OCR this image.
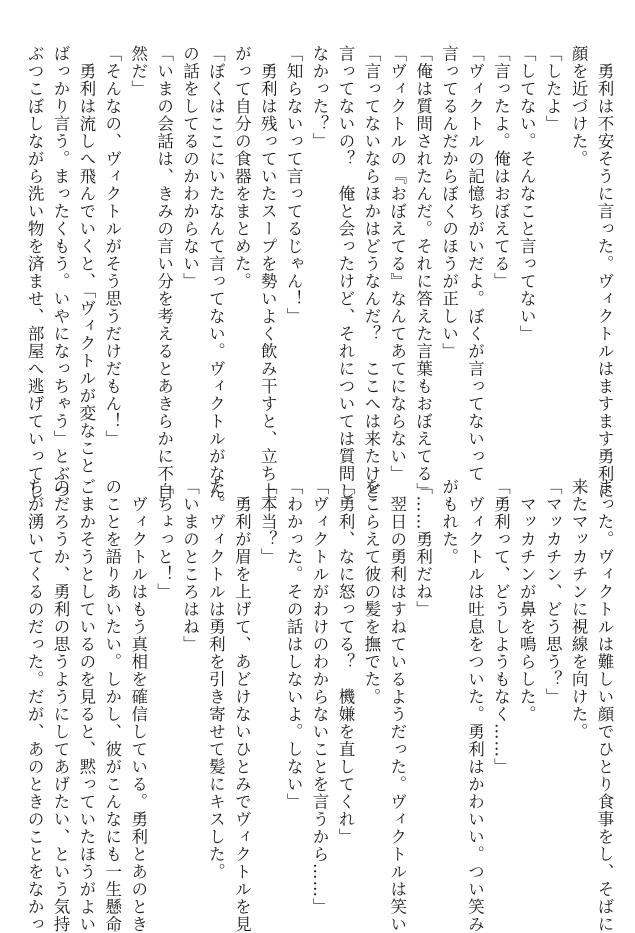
　勇利は不安そうに言った。ヴィクトルはますます勇利に
顔を近づけた。
「したよ」
「してない。そんなこと言ってない」
「言ったよ。俺はおぼえてる」
「ヴィクトルの記憶ちがいだよ。ぼくが言ってないって
言ってるんだからぼくのほうが正しい」
「俺は質問されたんだ。それに答えた言葉もおぼえてる」
「ヴィクトルの『おぼえてる』なんてあてにならない」
「言ってないならほかはどうなんだ？　ここへは来たけど
言ってないの？　俺と会ったけど、それについては質問し
なかった？」
「知らないって言ってるじゃん！」
　勇利は残っていたスープを勢いよく飲み干すと、立ち上
がって自分の食器をまとめた。
「ぼくはここにいたなんて言ってない。ヴィクトルがなん
の話をしてるのかわからない」
「いまの会話は、きみの言い分を考えるとあきらかに不自
然だ」
「そんなの、ヴィクトルがそう思うだけだもん！」
　勇利は流しへ飛んでいくと、「ヴィクトルが変なこと
ばっかり言う。まったくもう。いやになっちゃう」とぶつ
ぶつこぼしながら洗い物を済ませ、部屋へ逃げていってし
まった。ヴィクトルは難しい顔でひとり食事をし、そばに
来たマッカチンに視線を向けた。
「マッカチン、どう思う？」
　マッカチンが鼻を鳴らした。
「勇利って、どうしようもなく……」
　ヴィクトルは吐息をついた。勇利はかわいい。つい笑み
がもれた。
「……勇利だね」
　翌日の勇利はすねているようだった。ヴィクトルは笑い
をこらえて彼の髪を撫でた。
「勇利、なに怒ってる？　機嫌を直してくれ」
「ヴィクトルがわけのわからないことを言うから……」
「わかった。その話はしないよ。しない」
「本当？」
　勇利が眉を上げて、あどけないひとみでヴィクトルを見
た。ヴィクトルは勇利を引き寄せて髪にキスした。
「いまのところはね」
「ちょっと！」
　ヴィクトルはもう真相を確信している。勇利とあのとき
のことを語りあいたい。しかし、彼がこんなにも一生懸命
ごまかそうとしているのを見ると、黙っていたほうがよい
のだろうか、勇利の思うようにしてあげたい、という気持
ちが湧いてくるのだった。だが、あのときのことをなかっ
